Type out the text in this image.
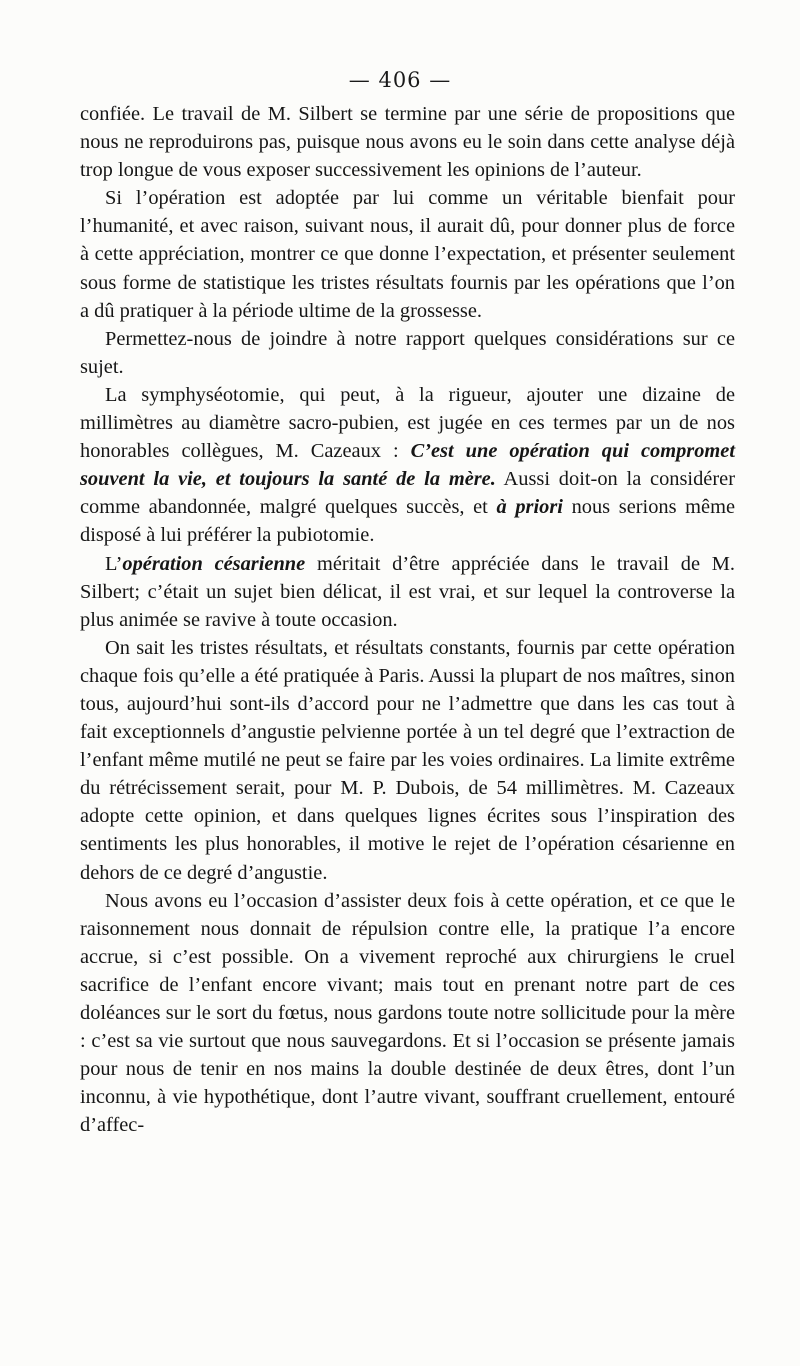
— 406 —

confiée. Le travail de M. Silbert se termine par une série de propositions que nous ne reproduirons pas, puisque nous avons eu le soin dans cette analyse déjà trop longue de vous exposer successivement les opinions de l’auteur.

Si l’opération est adoptée par lui comme un véritable bienfait pour l’humanité, et avec raison, suivant nous, il aurait dû, pour donner plus de force à cette appréciation, montrer ce que donne l’expectation, et présenter seulement sous forme de statistique les tristes résultats fournis par les opérations que l’on a dû pratiquer à la période ultime de la grossesse.

Permettez-nous de joindre à notre rapport quelques considérations sur ce sujet.

La symphyséotomie, qui peut, à la rigueur, ajouter une dizaine de millimètres au diamètre sacro-pubien, est jugée en ces termes par un de nos honorables collègues, M. Cazeaux : C’est une opération qui compromet souvent la vie, et toujours la santé de la mère. Aussi doit-on la considérer comme abandonnée, malgré quelques succès, et à priori nous serions même disposé à lui préférer la pubiotomie.

L’opération césarienne méritait d’être appréciée dans le travail de M. Silbert; c’était un sujet bien délicat, il est vrai, et sur lequel la controverse la plus animée se ravive à toute occasion.

On sait les tristes résultats, et résultats constants, fournis par cette opération chaque fois qu’elle a été pratiquée à Paris. Aussi la plupart de nos maîtres, sinon tous, aujourd’hui sont-ils d’accord pour ne l’admettre que dans les cas tout à fait exceptionnels d’angustie pelvienne portée à un tel degré que l’extraction de l’enfant même mutilé ne peut se faire par les voies ordinaires. La limite extrême du rétrécissement serait, pour M. P. Dubois, de 54 millimètres. M. Cazeaux adopte cette opinion, et dans quelques lignes écrites sous l’inspiration des sentiments les plus honorables, il motive le rejet de l’opération césarienne en dehors de ce degré d’angustie.

Nous avons eu l’occasion d’assister deux fois à cette opération, et ce que le raisonnement nous donnait de répulsion contre elle, la pratique l’a encore accrue, si c’est possible. On a vivement reproché aux chirurgiens le cruel sacrifice de l’enfant encore vivant; mais tout en prenant notre part de ces doléances sur le sort du fœtus, nous gardons toute notre sollicitude pour la mère : c’est sa vie surtout que nous sauvegardons. Et si l’occasion se présente jamais pour nous de tenir en nos mains la double destinée de deux êtres, dont l’un inconnu, à vie hypothétique, dont l’autre vivant, souffrant cruellement, entouré d’affec-
